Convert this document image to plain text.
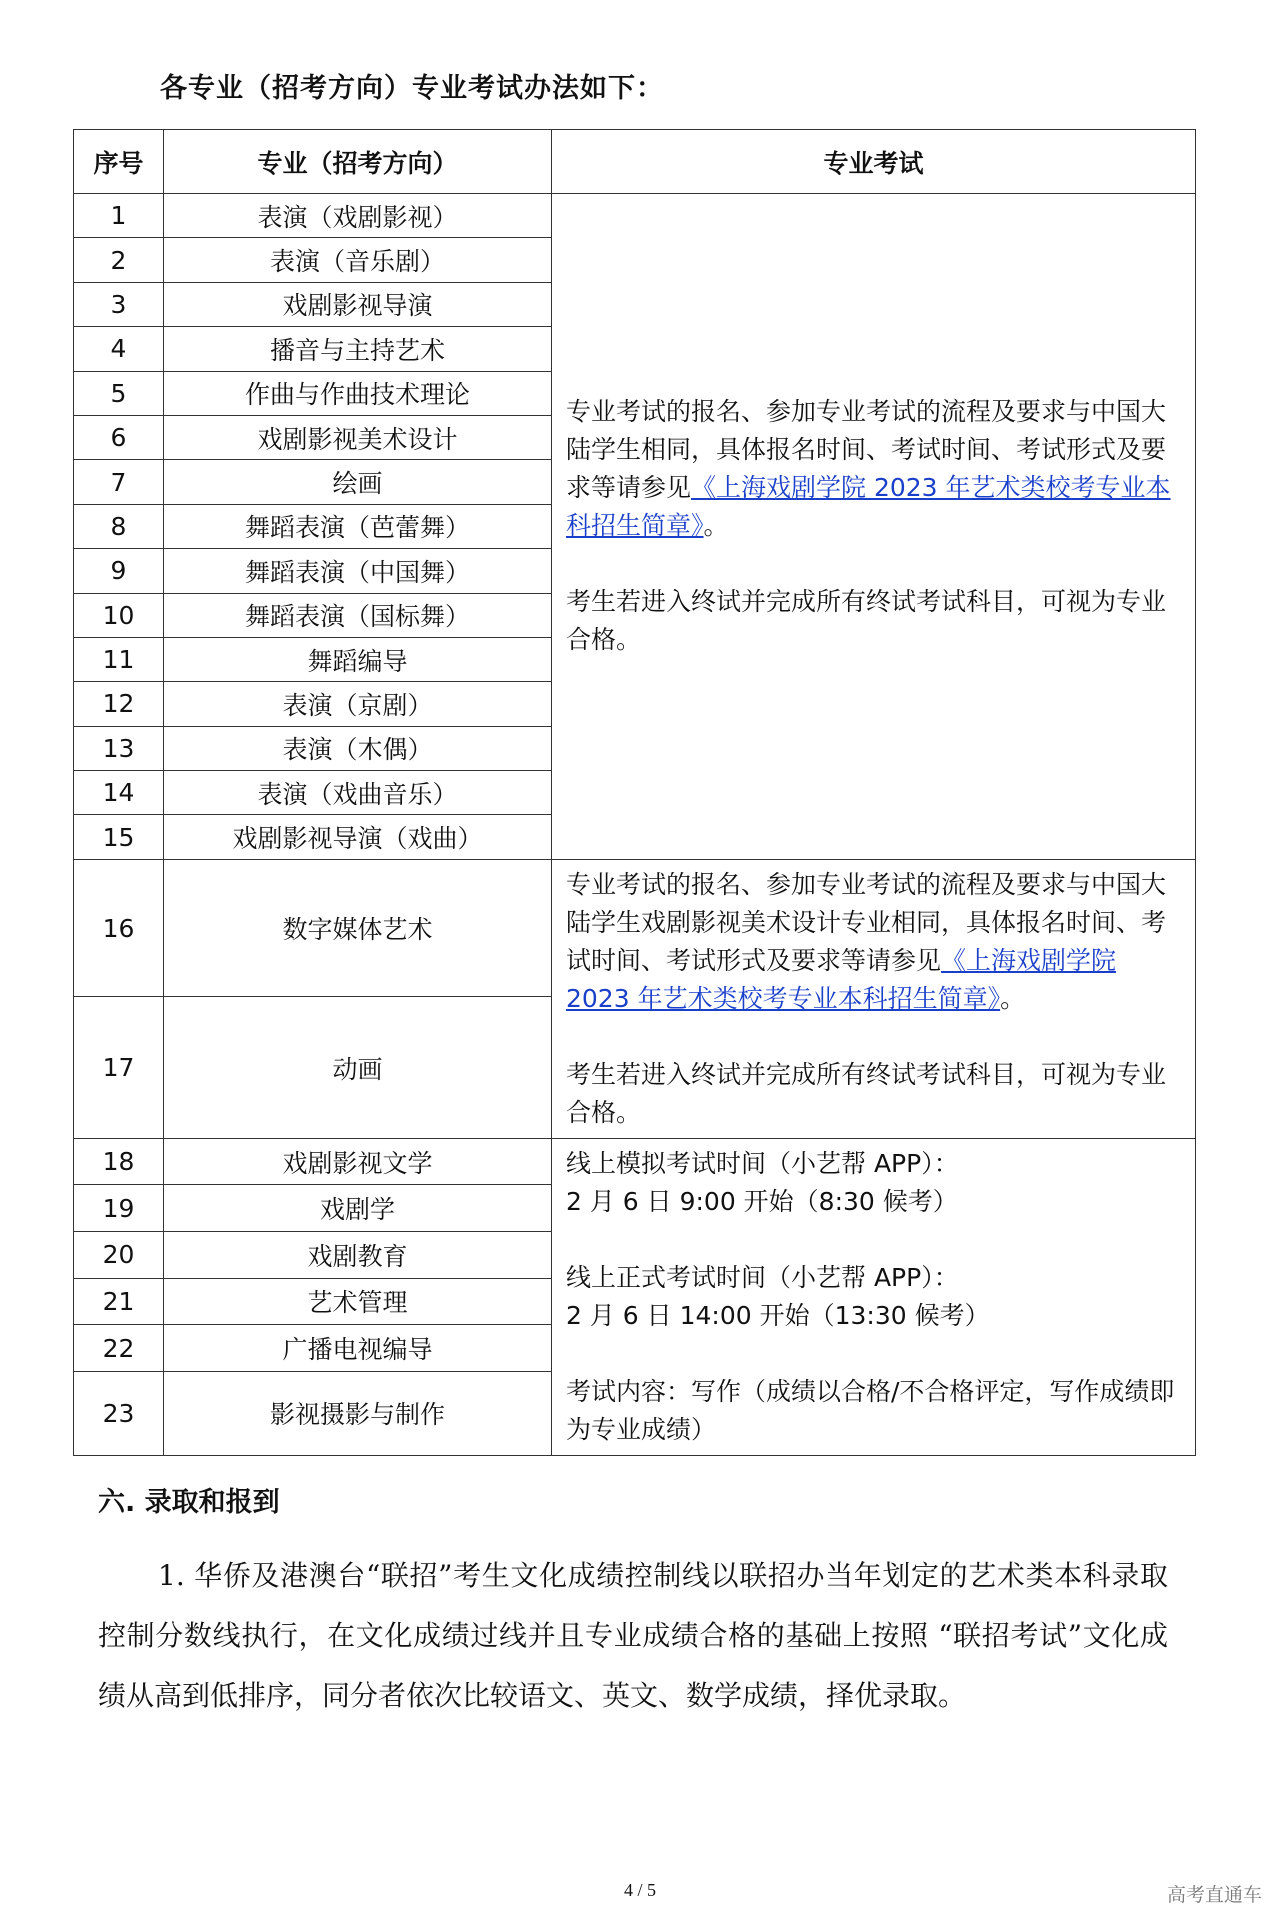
各专业（招考方向）专业考试办法如下：
序号	专业（招考方向）	专业考试
1	表演（戏剧影视）	专业考试的报名、参加专业考试的流程及要求与中国大陆学生相同，具体报名时间、考试时间、考试形式及要求等请参见《上海戏剧学院 2023 年艺术类校考专业本科招生简章》。

考生若进入终试并完成所有终试考试科目，可视为专业合格。

2	表演（音乐剧）	
3	戏剧影视导演	
4	播音与主持艺术	
5	作曲与作曲技术理论	
6	戏剧影视美术设计	
7	绘画	
8	舞蹈表演（芭蕾舞）	
9	舞蹈表演（中国舞）	
10	舞蹈表演（国标舞）	
11	舞蹈编导	
12	表演（京剧）	
13	表演（木偶）	
14	表演（戏曲音乐）	
15	戏剧影视导演（戏曲）	
16	数字媒体艺术	专业考试的报名、参加专业考试的流程及要求与中国大陆学生戏剧影视美术设计专业相同，具体报名时间、考试时间、考试形式及要求等请参见《上海戏剧学院 2023 年艺术类校考专业本科招生简章》。

考生若进入终试并完成所有终试考试科目，可视为专业合格。

17	动画	
18	戏剧影视文学	线上模拟考试时间（小艺帮 APP）：
2 月 6 日 9:00 开始（8:30 候考）
线上正式考试时间（小艺帮 APP）：
2 月 6 日 14:00 开始（13:30 候考）
考试内容：写作（成绩以合格/不合格评定，写作成绩即为专业成绩）

19	戏剧学	
20	戏剧教育	
21	艺术管理	
22	广播电视编导	
23	影视摄影与制作	
六. 录取和报到
1. 华侨及港澳台“联招”考生文化成绩控制线以联招办当年划定的艺术类本科录取控制分数线执行，在文化成绩过线并且专业成绩合格的基础上按照 “联招考试”文化成绩从高到低排序，同分者依次比较语文、英文、数学成绩，择优录取。
4 / 5	高考直通车
